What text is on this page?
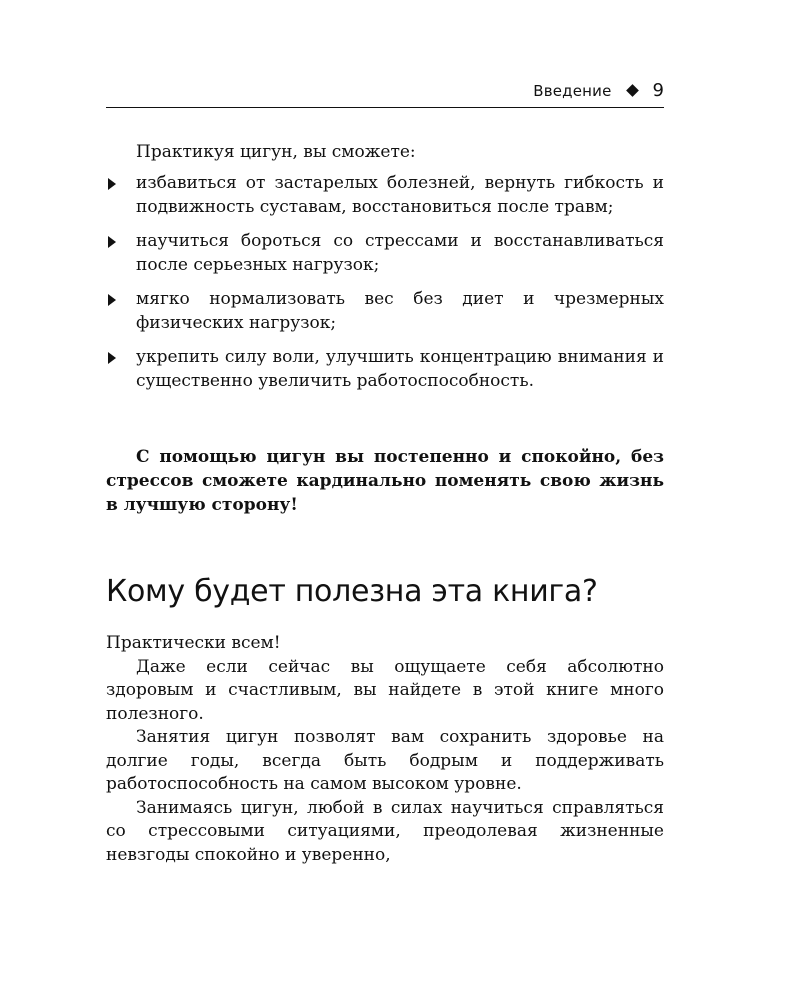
Введение 9

Практикуя цигун, вы сможете:

избавиться от застарелых болезней, вернуть гибкость и подвижность суставам, восстановиться после травм;
научиться бороться со стрессами и восстанавливаться после серьезных нагрузок;
мягко нормализовать вес без диет и чрезмерных физических нагрузок;
укрепить силу воли, улучшить концентрацию внимания и существенно увеличить работоспособность.

С помощью цигун вы постепенно и спокойно, без стрессов сможете кардинально поменять свою жизнь в лучшую сторону!

Кому будет полезна эта книга?

Практически всем!

Даже если сейчас вы ощущаете себя абсолютно здоровым и счастливым, вы найдете в этой книге много полезного.

Занятия цигун позволят вам сохранить здоровье на долгие годы, всегда быть бодрым и поддерживать работоспособность на самом высоком уровне.

Занимаясь цигун, любой в силах научиться справляться со стрессовыми ситуациями, преодолевая жизненные невзгоды спокойно и уверенно,
